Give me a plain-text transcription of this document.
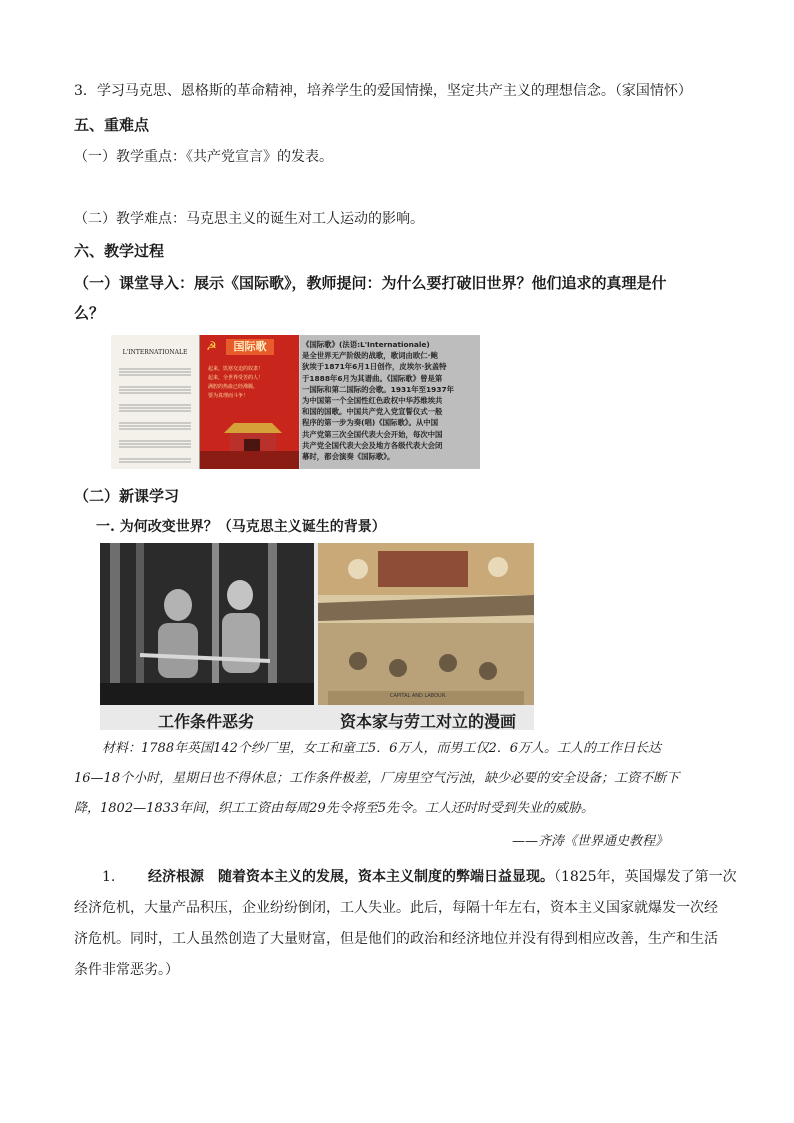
3．学习马克思、恩格斯的革命精神，培养学生的爱国情操，坚定共产主义的理想信念。（家国情怀）
五、重难点
（一）教学重点：《共产党宣言》的发表。
（二）教学难点：马克思主义的诞生对工人运动的影响。
六、教学过程
（一）课堂导入：展示《国际歌》，教师提问：为什么要打破旧世界？他们追求的真理是什
么？
L'INTERNATIONALE	☭	国际歌
起来，饥寒交迫的奴隶！
起来，全世界受苦的人！
满腔的热血已经沸腾，
要为真理而斗争！
《国际歌》(法语:L'Internationale)
是全世界无产阶级的战歌，歌词由欧仁·鲍
狄埃于1871年6月1日创作，皮埃尔·狄盖特
于1888年6月为其谱曲。《国际歌》曾是第
一国际和第二国际的会歌。1931年至1937年
为中国第一个全国性红色政权中华苏维埃共
和国的国歌。中国共产党入党宣誓仪式一般
程序的第一步为奏(唱)《国际歌》。从中国
共产党第三次全国代表大会开始，每次中国
共产党全国代表大会及地方各级代表大会闭
幕时，都会演奏《国际歌》。
（二）新课学习
一. 为何改变世界？（马克思主义诞生的背景）
CAPITAL AND LABOUR.
工作条件恶劣	资本家与劳工对立的漫画
材料：1788年英国142个纱厂里，女工和童工5．6万人，而男工仅2．6万人。工人的工作日长达
16—18个小时，星期日也不得休息；工作条件极差，厂房里空气污浊，缺少必要的安全设备；工资不断下
降，1802—1833年间，织工工资由每周29先令将至5先令。工人还时时受到失业的威胁。
——齐涛《世界通史教程》
1. 经济根源 随着资本主义的发展，资本主义制度的弊端日益显现。（1825年，英国爆发了第一次
经济危机，大量产品积压，企业纷纷倒闭，工人失业。此后，每隔十年左右，资本主义国家就爆发一次经
济危机。同时，工人虽然创造了大量财富，但是他们的政治和经济地位并没有得到相应改善，生产和生活
条件非常恶劣。）
